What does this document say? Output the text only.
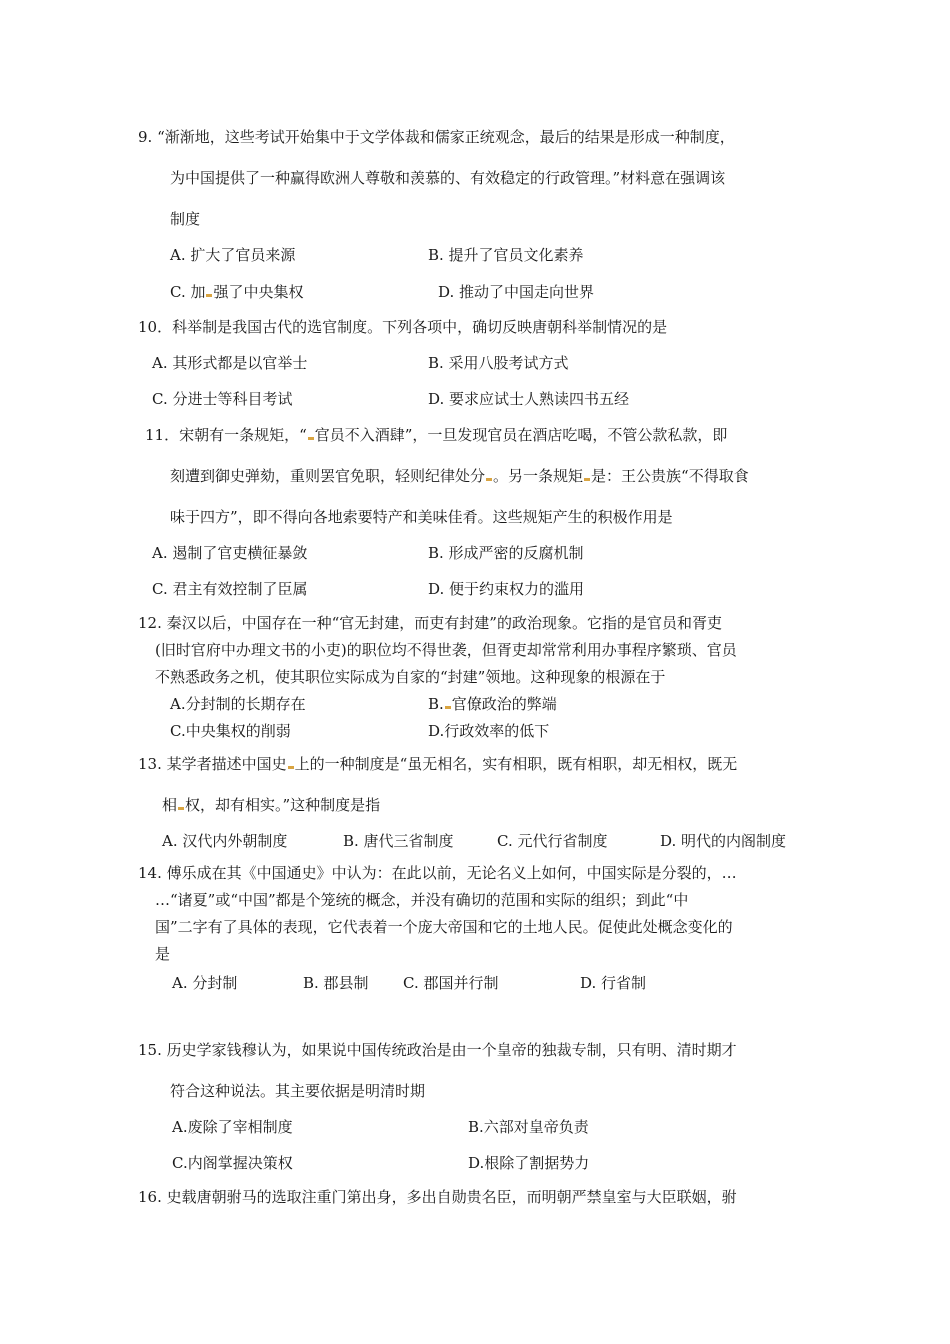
9. “渐渐地，这些考试开始集中于文学体裁和儒家正统观念，最后的结果是形成一种制度，
为中国提供了一种赢得欧洲人尊敬和羡慕的、有效稳定的行政管理。”材料意在强调该
制度
A. 扩大了官员来源	B. 提升了官员文化素养
C. 加 强了中央集权	D. 推动了中国走向世界
10．科举制是我国古代的选官制度。下列各项中，确切反映唐朝科举制情况的是
A. 其形式都是以官举士	B. 采用八股考试方式
C. 分进士等科目考试	D. 要求应试士人熟读四书五经
11．宋朝有一条规矩，“ 官员不入酒肆”，一旦发现官员在酒店吃喝，不管公款私款，即
刻遭到御史弹劾，重则罢官免职，轻则纪律处分 。另一条规矩 是：王公贵族“不得取食
味于四方”，即不得向各地索要特产和美味佳肴。这些规矩产生的积极作用是
A. 遏制了官吏横征暴敛	B. 形成严密的反腐机制
C. 君主有效控制了臣属	D. 便于约束权力的滥用
12. 秦汉以后，中国存在一种“官无封建，而吏有封建”的政治现象。它指的是官员和胥吏
(旧时官府中办理文书的小吏)的职位均不得世袭，但胥吏却常常利用办事程序繁琐、官员
不熟悉政务之机，使其职位实际成为自家的“封建”领地。这种现象的根源在于
A.分封制的长期存在	B. 官僚政治的弊端
C.中央集权的削弱	D.行政效率的低下
13. 某学者描述中国史 上的一种制度是“虽无相名，实有相职，既有相职，却无相权，既无
相 权，却有相实。”这种制度是指
A. 汉代内外朝制度	B. 唐代三省制度	C. 元代行省制度	D. 明代的内阁制度
14. 傅乐成在其《中国通史》中认为：在此以前，无论名义上如何，中国实际是分裂的，…
…“诸夏”或“中国”都是个笼统的概念，并没有确切的范围和实际的组织；到此“中
国”二字有了具体的表现，它代表着一个庞大帝国和它的土地人民。促使此处概念变化的
是
A. 分封制	B. 郡县制 C. 郡国并行制	D. 行省制
15. 历史学家钱穆认为，如果说中国传统政治是由一个皇帝的独裁专制，只有明、清时期才
符合这种说法。其主要依据是明清时期
A.废除了宰相制度	B.六部对皇帝负责
C.内阁掌握决策权	D.根除了割据势力
16. 史载唐朝驸马的选取注重门第出身，多出自勋贵名臣，而明朝严禁皇室与大臣联姻，驸
